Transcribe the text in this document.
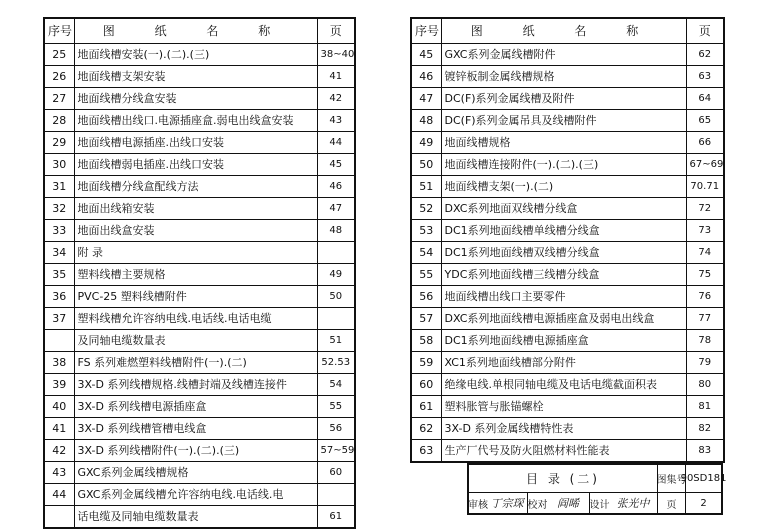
序号	图 纸 名 称	页
25	地面线槽安装(一).(二).(三)	38~40
26	地面线槽支架安装	41
27	地面线槽分线盒安装	42
28	地面线槽出线口.电源插座盒.弱电出线盒安装	43
29	地面线槽电源插座.出线口安装	44
30	地面线槽弱电插座.出线口安装	45
31	地面线槽分线盒配线方法	46
32	地面出线箱安装	47
33	地面出线盒安装	48
34	附 录	
35	塑料线槽主要规格	49
36	PVC-25 塑料线槽附件	50
37	塑料线槽允许容纳电线.电话线.电话电缆	
	及同轴电缆数量表	51
38	FS 系列难燃塑料线槽附件(一).(二)	52.53
39	3X-D 系列线槽规格.线槽封端及线槽连接件	54
40	3X-D 系列线槽电源插座盒	55
41	3X-D 系列线槽管槽电线盒	56
42	3X-D 系列线槽附件(一).(二).(三)	57~59
43	GXC系列金属线槽规格	60
44	GXC系列金属线槽允许容纳电线.电话线.电	
	话电缆及同轴电缆数量表	61
序号	图 纸 名 称	页
45	GXC系列金属线槽附件	62
46	镀锌板制金属线槽规格	63
47	DC(F)系列金属线槽及附件	64
48	DC(F)系列金属吊具及线槽附件	65
49	地面线槽规格	66
50	地面线槽连接附件(一).(二).(三)	67~69
51	地面线槽支架(一).(二)	70.71
52	DXC系列地面双线槽分线盒	72
53	DC1系列地面线槽单线槽分线盒	73
54	DC1系列地面线槽双线槽分线盒	74
55	YDC系列地面线槽三线槽分线盒	75
56	地面线槽出线口主要零件	76
57	DXC系列地面线槽电源插座盒及弱电出线盒	77
58	DC1系列地面线槽电源插座盒	78
59	XC1系列地面线槽部分附件	79
60	绝缘电线.单根同轴电缆及电话电缆截面积表	80
61	塑料胀管与胀锚螺栓	81
62	3X-D 系列金属线槽特性表	82
63	生产厂代号及防火阻燃材料性能表	83
目 录 (二)	图集号
90SD181
审核 丁宗琛 校对 阎晞	设计 张光中	页	2
